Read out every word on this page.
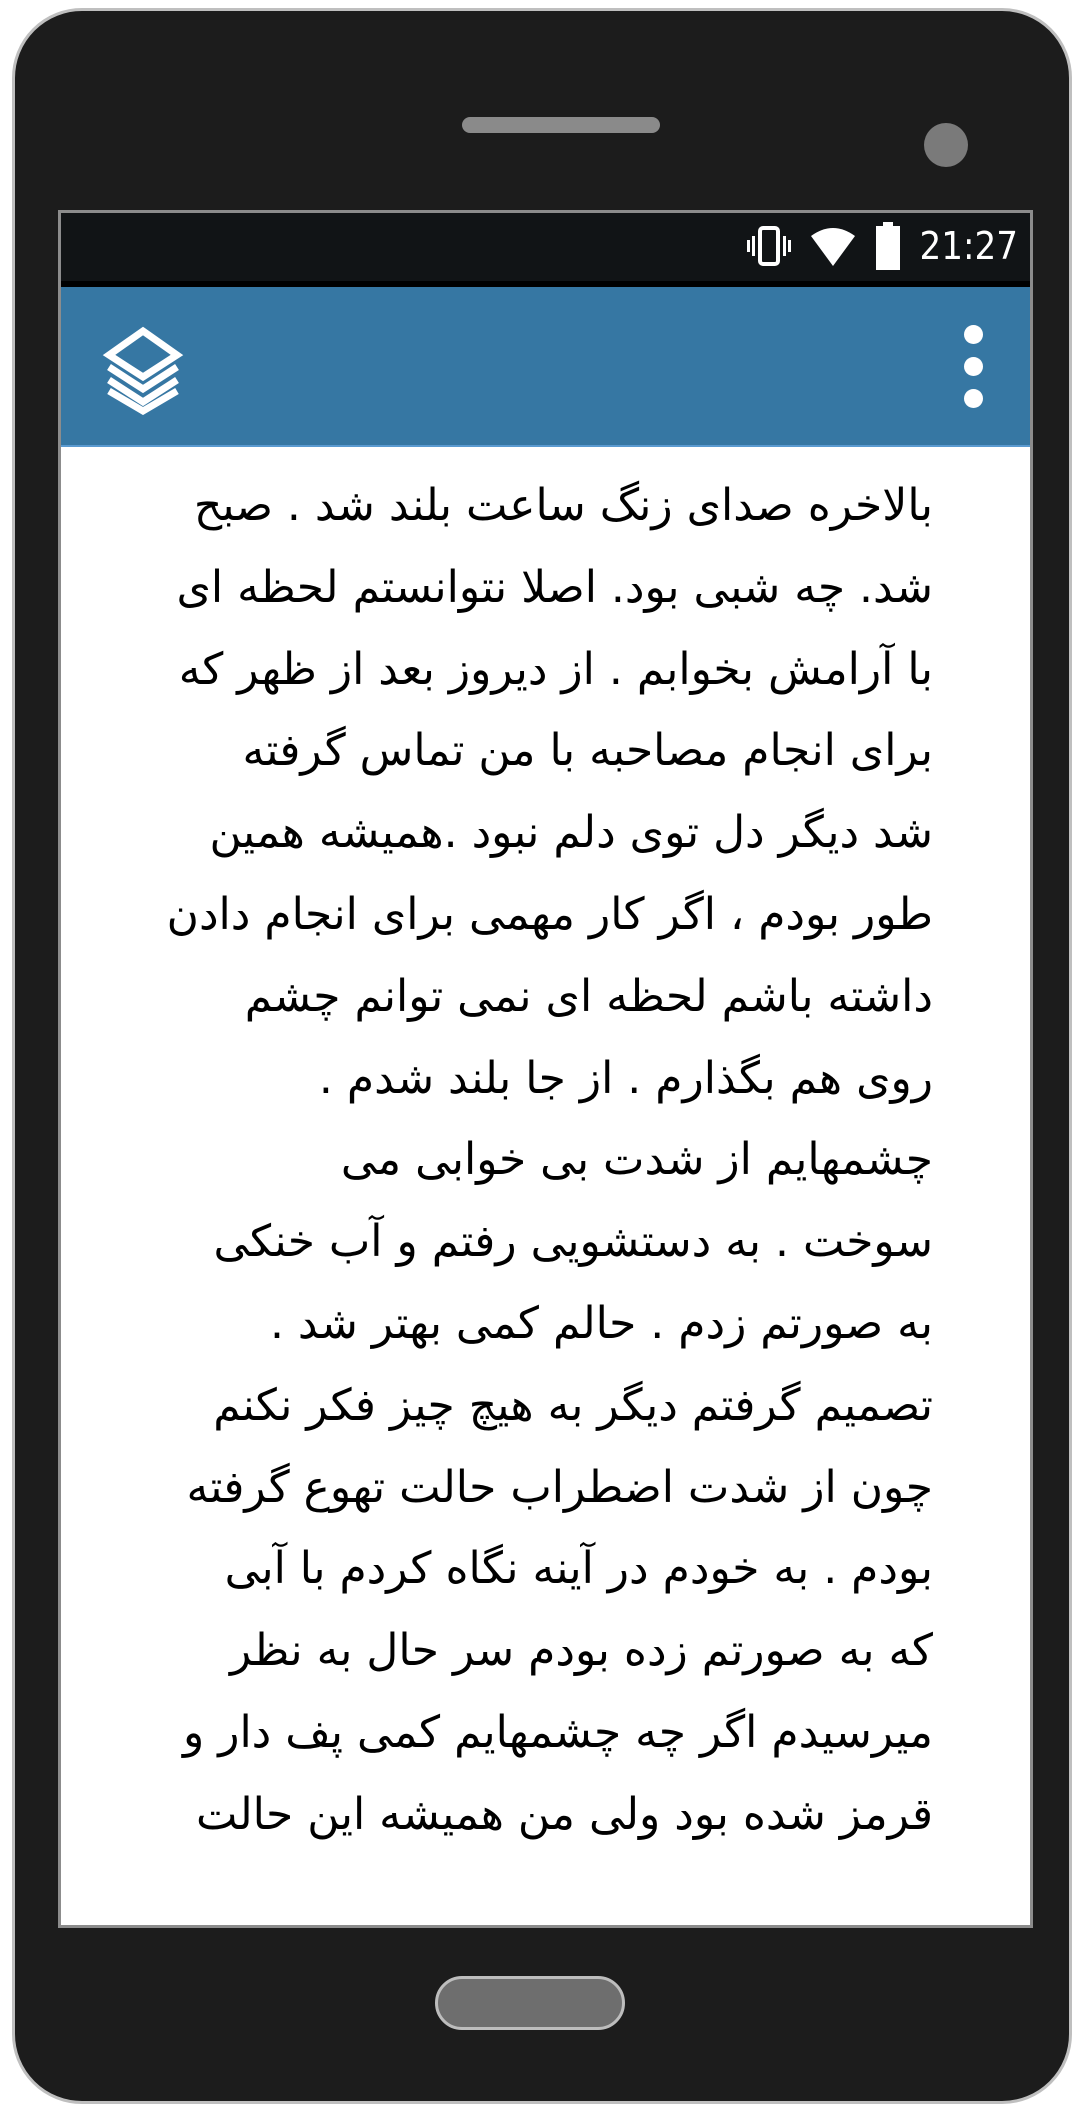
21:27
بالاخره صدای زنگ ساعت بلند شد . صبح
شد. چه شبی بود. اصلا نتوانستم لحظه ای
با آرامش بخوابم . از دیروز بعد از ظهر که
برای انجام مصاحبه با من تماس گرفته
شد دیگر دل توی دلم نبود .همیشه همین
طور بودم ، اگر کار مهمی برای انجام دادن
داشته باشم لحظه ای نمی توانم چشم
روی هم بگذارم . از جا بلند شدم .
چشمهایم از شدت بی خوابی می
سوخت . به دستشویی رفتم و آب خنکی
به صورتم زدم . حالم کمی بهتر شد .
تصمیم گرفتم دیگر به هیچ چیز فکر نکنم
چون از شدت اضطراب حالت تهوع گرفته
بودم . به خودم در آینه نگاه کردم با آبی
که به صورتم زده بودم سر حال به نظر
میرسیدم اگر چه چشمهایم کمی پف دار و
قرمز شده بود ولی من همیشه این حالت
